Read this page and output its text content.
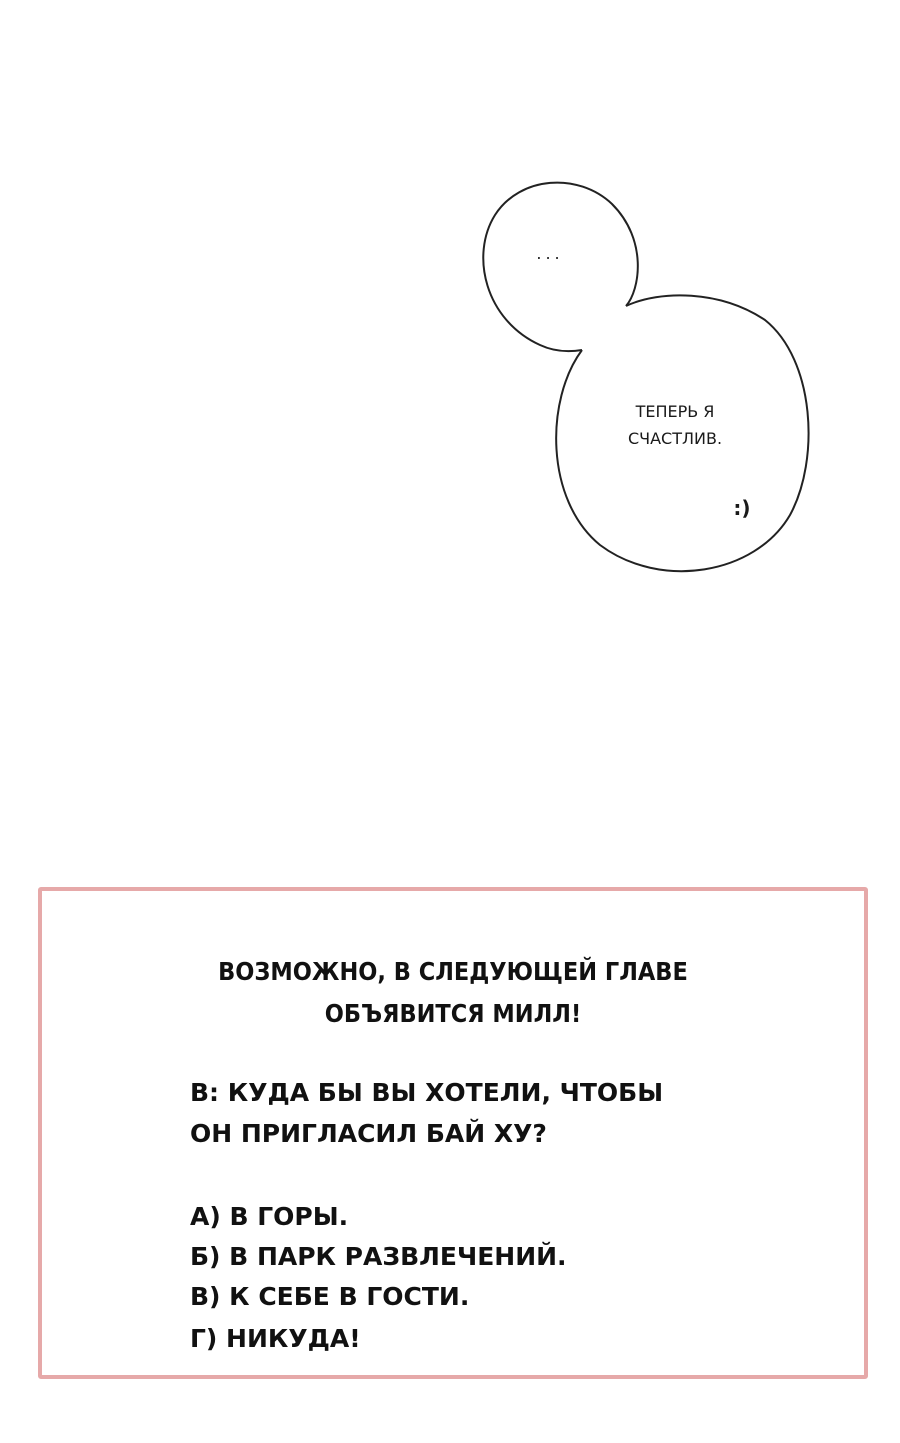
...
ТЕПЕРЬ Я
СЧАСТЛИВ.
:)
ВОЗМОЖНО, В СЛЕДУЮЩЕЙ ГЛАВЕ
ОБЪЯВИТСЯ МИЛЛ!
В: КУДА БЫ ВЫ ХОТЕЛИ, ЧТОБЫ
ОН ПРИГЛАСИЛ БАЙ ХУ?
А) В ГОРЫ.
Б) В ПАРК РАЗВЛЕЧЕНИЙ.
В) К СЕБЕ В ГОСТИ.
Г) НИКУДА!
